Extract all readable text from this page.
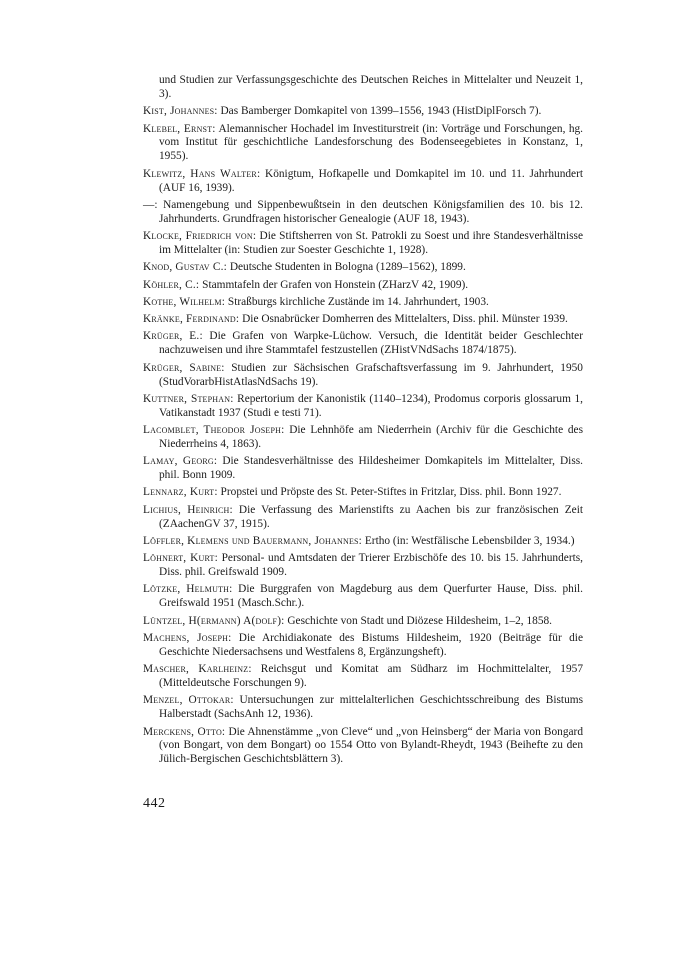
und Studien zur Verfassungsgeschichte des Deutschen Reiches in Mittelalter und Neuzeit 1, 3).

Kist, Johannes: Das Bamberger Domkapitel von 1399–1556, 1943 (HistDiplForsch 7).

Klebel, Ernst: Alemannischer Hochadel im Investiturstreit (in: Vorträge und Forschungen, hg. vom Institut für geschichtliche Landesforschung des Bodenseegebietes in Konstanz, 1, 1955).

Klewitz, Hans Walter: Königtum, Hofkapelle und Domkapitel im 10. und 11. Jahrhundert (AUF 16, 1939).

—: Namengebung und Sippenbewußtsein in den deutschen Königsfamilien des 10. bis 12. Jahrhunderts. Grundfragen historischer Genealogie (AUF 18, 1943).

Klocke, Friedrich von: Die Stiftsherren von St. Patrokli zu Soest und ihre Standesverhältnisse im Mittelalter (in: Studien zur Soester Geschichte 1, 1928).

Knod, Gustav C.: Deutsche Studenten in Bologna (1289–1562), 1899.

Köhler, C.: Stammtafeln der Grafen von Honstein (ZHarzV 42, 1909).

Kothe, Wilhelm: Straßburgs kirchliche Zustände im 14. Jahrhundert, 1903.

Kränke, Ferdinand: Die Osnabrücker Domherren des Mittelalters, Diss. phil. Münster 1939.

Krüger, E.: Die Grafen von Warpke-Lüchow. Versuch, die Identität beider Geschlechter nachzuweisen und ihre Stammtafel festzustellen (ZHistVNdSachs 1874/1875).

Krüger, Sabine: Studien zur Sächsischen Grafschaftsverfassung im 9. Jahrhundert, 1950 (StudVorarbHistAtlasNdSachs 19).

Kuttner, Stephan: Repertorium der Kanonistik (1140–1234), Prodomus corporis glossarum 1, Vatikanstadt 1937 (Studi e testi 71).

Lacomblet, Theodor Joseph: Die Lehnhöfe am Niederrhein (Archiv für die Geschichte des Niederrheins 4, 1863).

Lamay, Georg: Die Standesverhältnisse des Hildesheimer Domkapitels im Mittelalter, Diss. phil. Bonn 1909.

Lennarz, Kurt: Propstei und Pröpste des St. Peter-Stiftes in Fritzlar, Diss. phil. Bonn 1927.

Lichius, Heinrich: Die Verfassung des Marienstifts zu Aachen bis zur französischen Zeit (ZAachenGV 37, 1915).

Löffler, Klemens und Bauermann, Johannes: Ertho (in: Westfälische Lebensbilder 3, 1934.)

Löhnert, Kurt: Personal- und Amtsdaten der Trierer Erzbischöfe des 10. bis 15. Jahrhunderts, Diss. phil. Greifswald 1909.

Lötzke, Helmuth: Die Burggrafen von Magdeburg aus dem Querfurter Hause, Diss. phil. Greifswald 1951 (Masch.Schr.).

Lüntzel, H(ermann) A(dolf): Geschichte von Stadt und Diözese Hildesheim, 1–2, 1858.

Machens, Joseph: Die Archidiakonate des Bistums Hildesheim, 1920 (Beiträge für die Geschichte Niedersachsens und Westfalens 8, Ergänzungsheft).

Mascher, Karlheinz: Reichsgut und Komitat am Südharz im Hochmittelalter, 1957 (Mitteldeutsche Forschungen 9).

Menzel, Ottokar: Untersuchungen zur mittelalterlichen Geschichtsschreibung des Bistums Halberstadt (SachsAnh 12, 1936).

Merckens, Otto: Die Ahnenstämme „von Cleve“ und „von Heinsberg“ der Maria von Bongard (von Bongart, von dem Bongart) oo 1554 Otto von Bylandt-Rheydt, 1943 (Beihefte zu den Jülich-Bergischen Geschichtsblättern 3).

442
